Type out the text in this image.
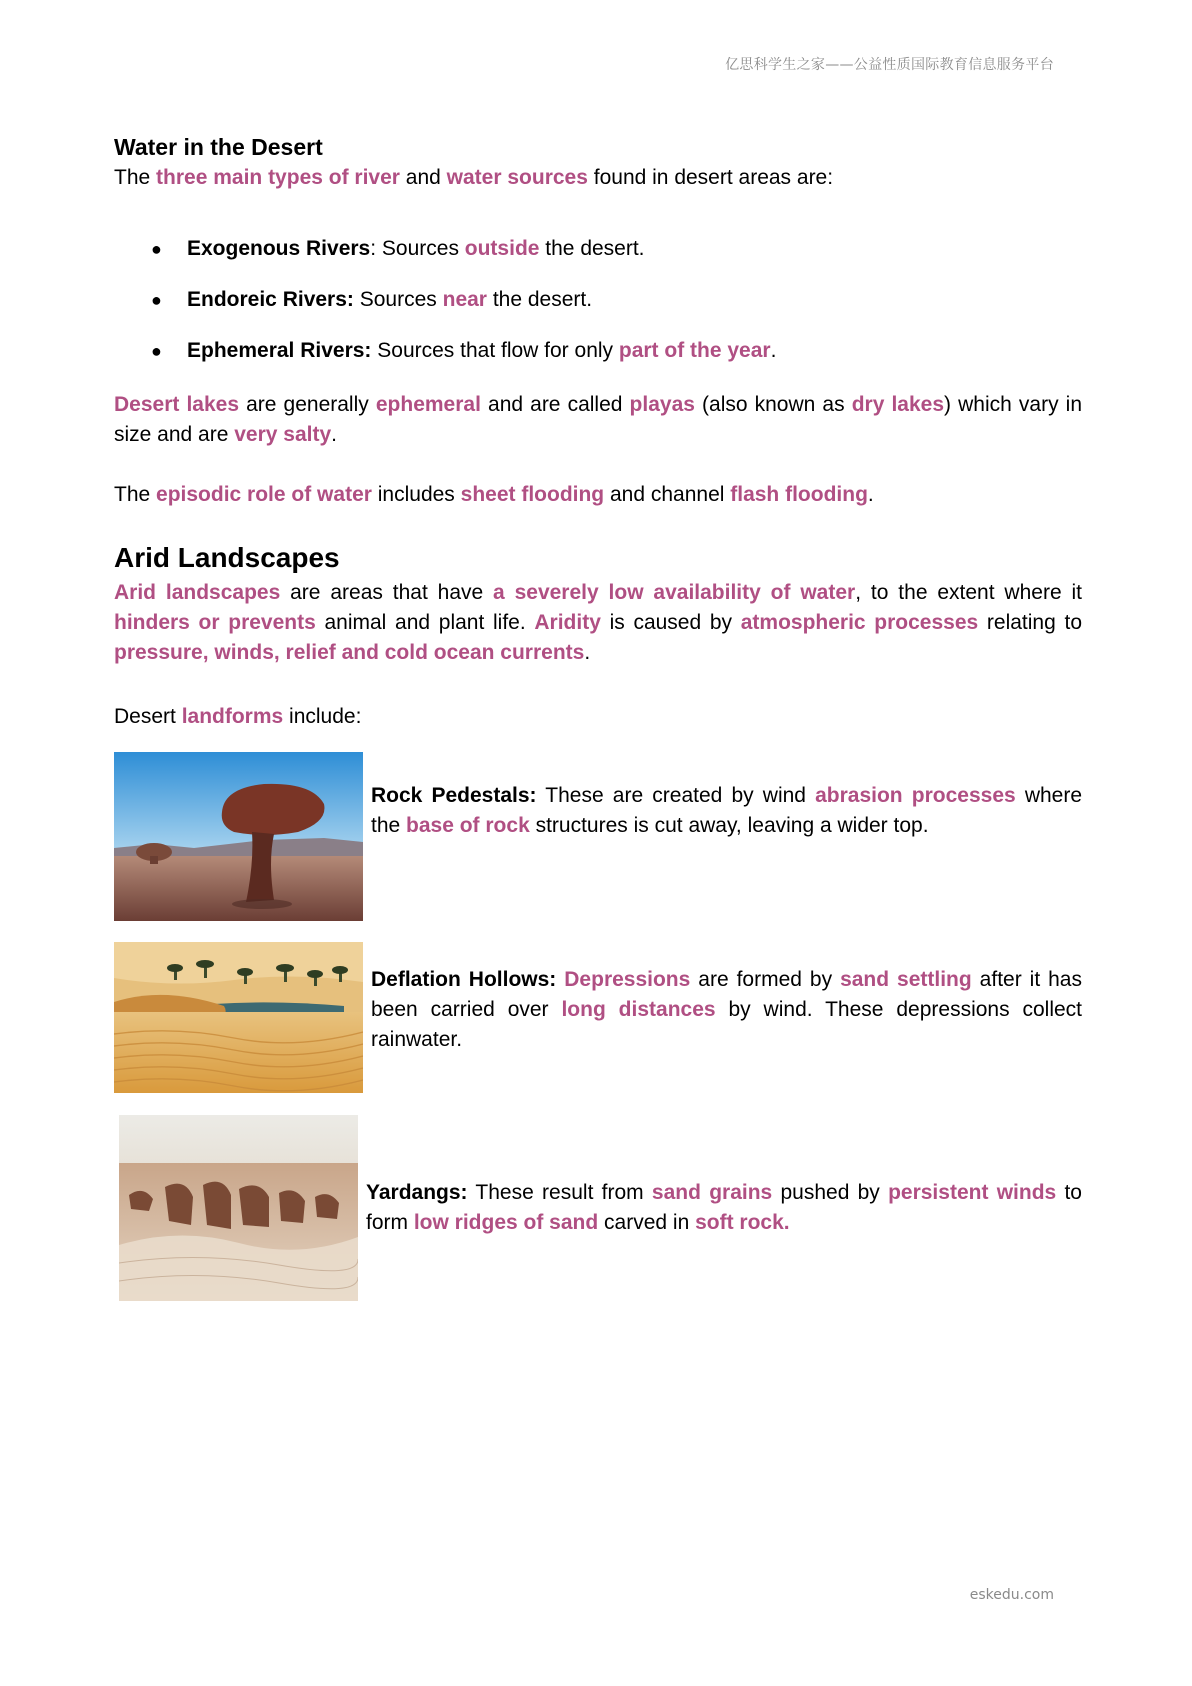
亿思科学生之家——公益性质国际教育信息服务平台
Water in the Desert

The three main types of river and water sources found in desert areas are:

● Exogenous Rivers: Sources outside the desert.
● Endoreic Rivers: Sources near the desert.
● Ephemeral Rivers: Sources that flow for only part of the year.

Desert lakes are generally ephemeral and are called playas (also known as dry lakes) which vary in size and are very salty.

The episodic role of water includes sheet flooding and channel flash flooding.

Arid Landscapes

Arid landscapes are areas that have a severely low availability of water, to the extent where it hinders or prevents animal and plant life. Aridity is caused by atmospheric processes relating to pressure, winds, relief and cold ocean currents.

Desert landforms include:

Rock Pedestals: These are created by wind abrasion processes where the base of rock structures is cut away, leaving a wider top.
Deflation Hollows: Depressions are formed by sand settling after it has been carried over long distances by wind. These depressions collect rainwater.
Yardangs: These result from sand grains pushed by persistent winds to form low ridges of sand carved in soft rock.
eskedu.com
